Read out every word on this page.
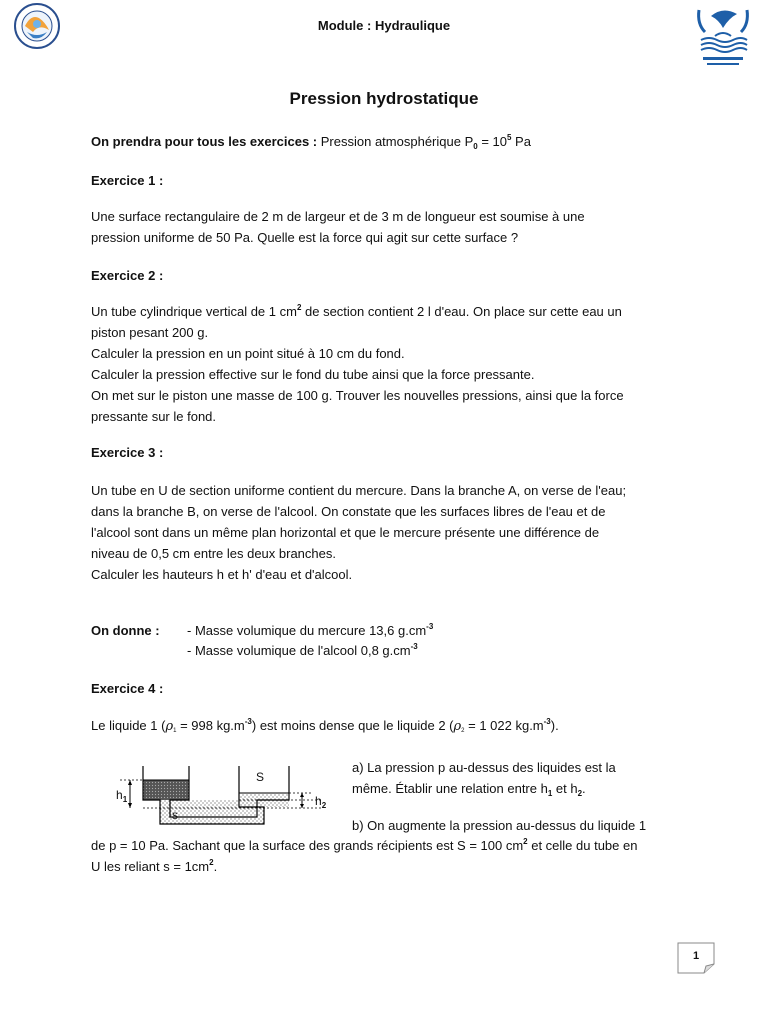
Module : Hydraulique
Pression hydrostatique
On prendra pour tous les exercices : Pression atmosphérique $P_0 = 10^5$ Pa
Exercice 1 :
Une surface rectangulaire de 2 m de largeur et de 3 m de longueur est soumise à une
pression uniforme de 50 Pa. Quelle est la force qui agit sur cette surface ?
Exercice 2 :
Un tube cylindrique vertical de 1 $cm^2$ de section contient 2 l d'eau. On place sur cette eau un
piston pesant 200 g.
Calculer la pression en un point situé à 10 cm du fond.
Calculer la pression effective sur le fond du tube ainsi que la force pressante.
On met sur le piston une masse de 100 g. Trouver les nouvelles pressions, ainsi que la force
pressante sur le fond.
Exercice 3 :
Un tube en U de section uniforme contient du mercure. Dans la branche A, on verse de l'eau;
dans la branche B, on verse de l'alcool. On constate que les surfaces libres de l'eau et de
l'alcool sont dans un même plan horizontal et que le mercure présente une différence de
niveau de 0,5 cm entre les deux branches.
Calculer les hauteurs h et h' d'eau et d'alcool.
On donne : - Masse volumique du mercure 13,6 $g.cm^{-3}$
- Masse volumique de l'alcool 0,8 $g.cm^{-3}$
Exercice 4 :
Le liquide 1 (ρ1 = 998 $kg.m^{-3}$) est moins dense que le liquide 2 (ρ2 = 1 022 $kg.m^{-3}$).
$h_1$	$h_2$
S
s
a) La pression p au-dessus des liquides est la
même. Établir une relation entre $h_1$ et $h_2$.
b) On augmente la pression au-dessus du liquide 1
de p = 10 Pa. Sachant que la surface des grands récipients est S = 100 $cm^2$ et celle du tube en
U les reliant $s = 1cm^2$.
1
